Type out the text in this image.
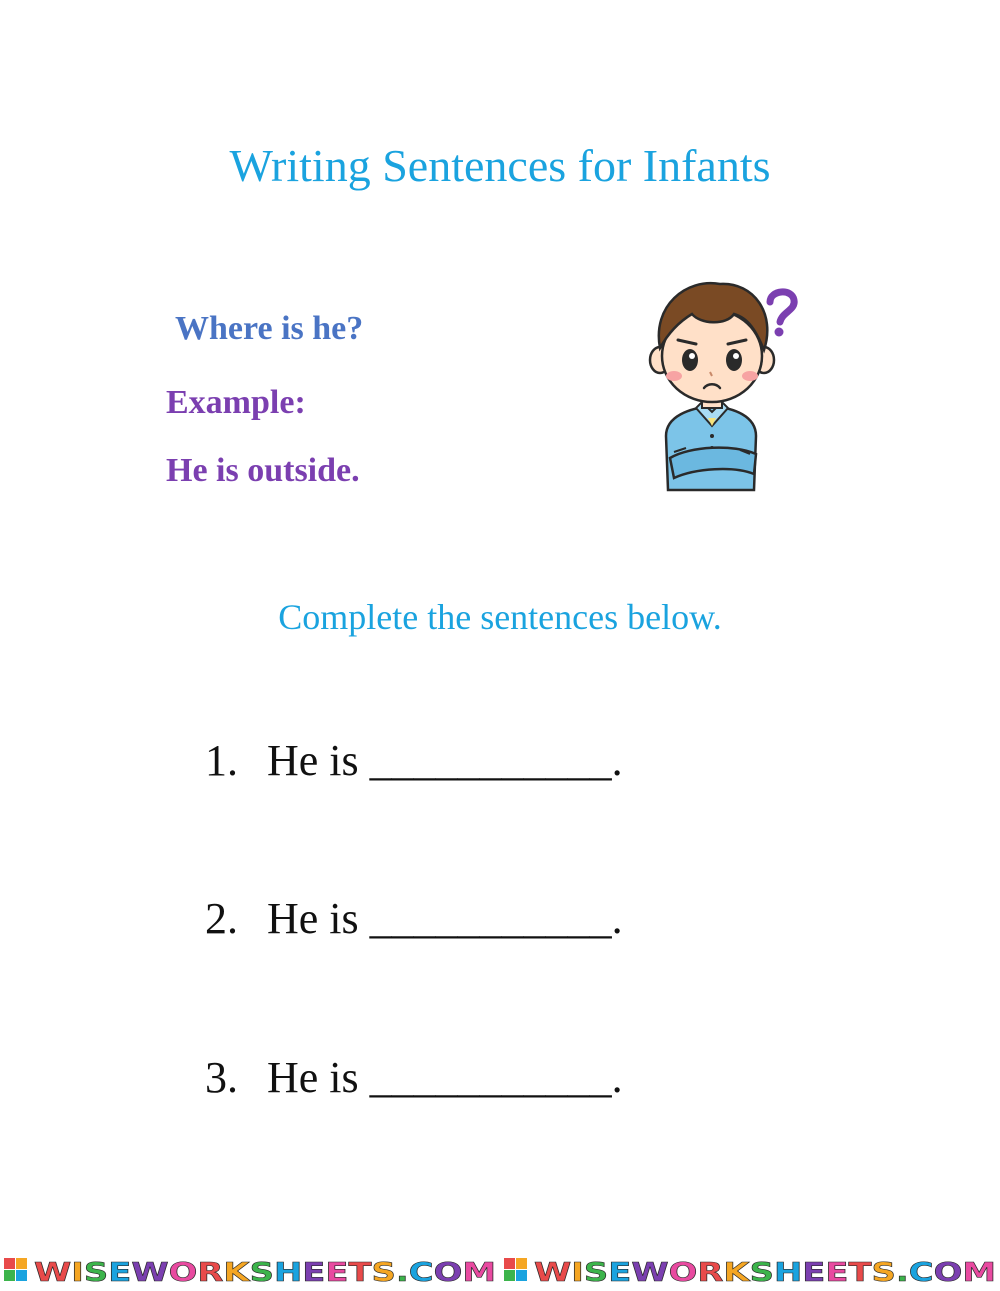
Writing Sentences for Infants
Where is he?
Example:
He is outside.
Complete the sentences below.
1. He is ___________.
2. He is ___________.
3. He is ___________.
W I S E W O R K S H E E T S . C O M W I S E W O R K S H E E T S . C O M
